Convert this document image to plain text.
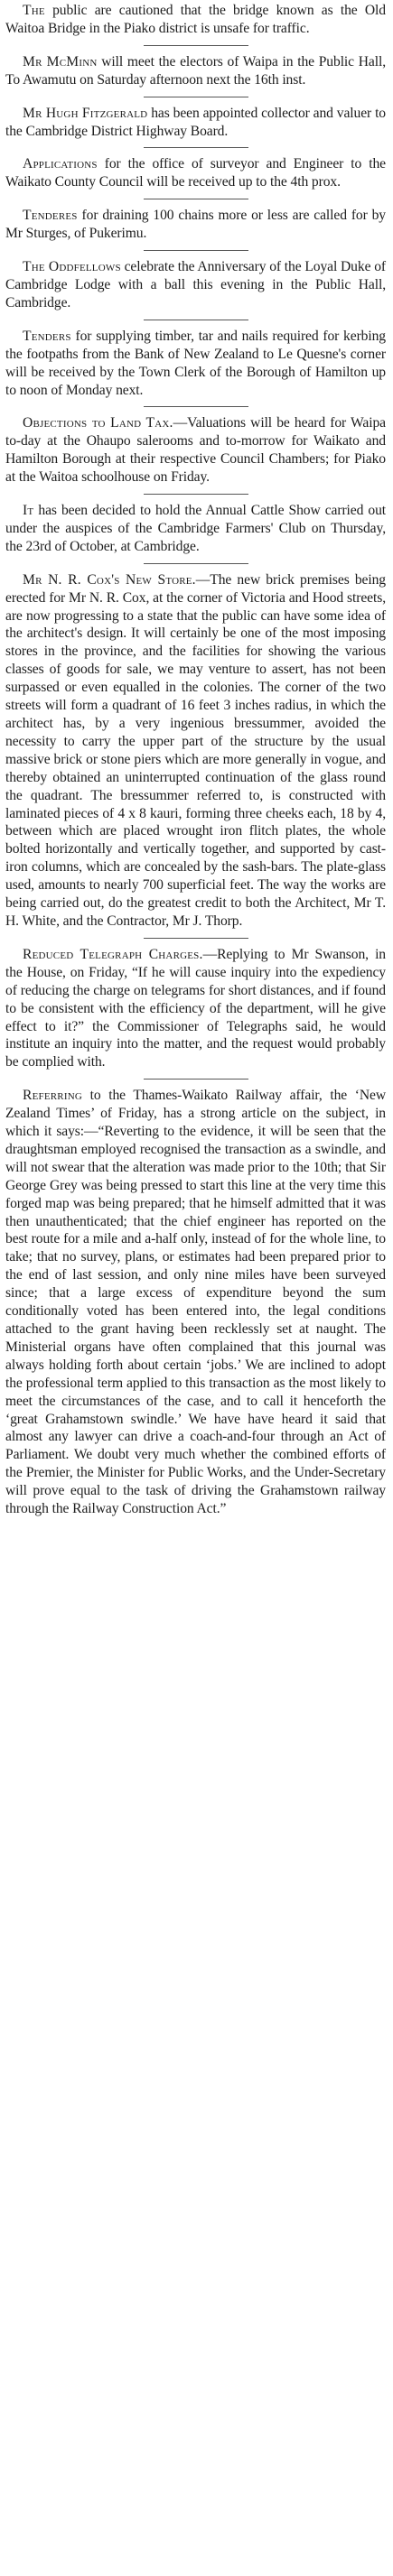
The public are cautioned that the bridge known as the Old Waitoa Bridge in the Piako district is unsafe for traffic.

Mr McMinn will meet the electors of Waipa in the Public Hall, To Awamutu on Saturday afternoon next the 16th inst.

Mr Hugh Fitzgerald has been appointed collector and valuer to the Cambridge District Highway Board.

Applications for the office of surveyor and Engineer to the Waikato County Council will be received up to the 4th prox.

Tenderes for draining 100 chains more or less are called for by Mr Sturges, of Pukerimu.

The Oddfellows celebrate the Anniversary of the Loyal Duke of Cambridge Lodge with a ball this evening in the Public Hall, Cambridge.

Tenders for supplying timber, tar and nails required for kerbing the footpaths from the Bank of New Zealand to Le Quesne's corner will be received by the Town Clerk of the Borough of Hamilton up to noon of Monday next.

Objections to Land Tax.—Valuations will be heard for Waipa to-day at the Ohaupo salerooms and to-morrow for Waikato and Hamilton Borough at their respective Council Chambers; for Piako at the Waitoa schoolhouse on Friday.

It has been decided to hold the Annual Cattle Show carried out under the auspices of the Cambridge Farmers' Club on Thursday, the 23rd of October, at Cambridge.

Mr N. R. Cox's New Store.—The new brick premises being erected for Mr N. R. Cox, at the corner of Victoria and Hood streets, are now progressing to a state that the public can have some idea of the architect's design. It will certainly be one of the most imposing stores in the province, and the facilities for showing the various classes of goods for sale, we may venture to assert, has not been surpassed or even equalled in the colonies. The corner of the two streets will form a quadrant of 16 feet 3 inches radius, in which the architect has, by a very ingenious bressummer, avoided the necessity to carry the upper part of the structure by the usual massive brick or stone piers which are more generally in vogue, and thereby obtained an uninterrupted continuation of the glass round the quadrant. The bressummer referred to, is constructed with laminated pieces of 4 x 8 kauri, forming three cheeks each, 18 by 4, between which are placed wrought iron flitch plates, the whole bolted horizontally and vertically together, and supported by cast-iron columns, which are concealed by the sash-bars. The plate-glass used, amounts to nearly 700 superficial feet. The way the works are being carried out, do the greatest credit to both the Architect, Mr T. H. White, and the Contractor, Mr J. Thorp.

Reduced Telegraph Charges.—Replying to Mr Swanson, in the House, on Friday, “If he will cause inquiry into the expediency of reducing the charge on telegrams for short distances, and if found to be consistent with the efficiency of the department, will he give effect to it?” the Commissioner of Telegraphs said, he would institute an inquiry into the matter, and the request would probably be complied with.

Referring to the Thames-Waikato Railway affair, the ‘New Zealand Times’ of Friday, has a strong article on the subject, in which it says:—“Reverting to the evidence, it will be seen that the draughtsman employed recognised the transaction as a swindle, and will not swear that the alteration was made prior to the 10th; that Sir George Grey was being pressed to start this line at the very time this forged map was being prepared; that he himself admitted that it was then unauthenticated; that the chief engineer has reported on the best route for a mile and a-half only, instead of for the whole line, to take; that no survey, plans, or estimates had been prepared prior to the end of last session, and only nine miles have been surveyed since; that a large excess of expenditure beyond the sum conditionally voted has been entered into, the legal conditions attached to the grant having been recklessly set at naught. The Ministerial organs have often complained that this journal was always holding forth about certain ‘jobs.’ We are inclined to adopt the professional term applied to this transaction as the most likely to meet the circumstances of the case, and to call it henceforth the ‘great Grahamstown swindle.’ We have have heard it said that almost any lawyer can drive a coach-and-four through an Act of Parliament. We doubt very much whether the combined efforts of the Premier, the Minister for Public Works, and the Under-Secretary will prove equal to the task of driving the Grahamstown railway through the Railway Construction Act.”
